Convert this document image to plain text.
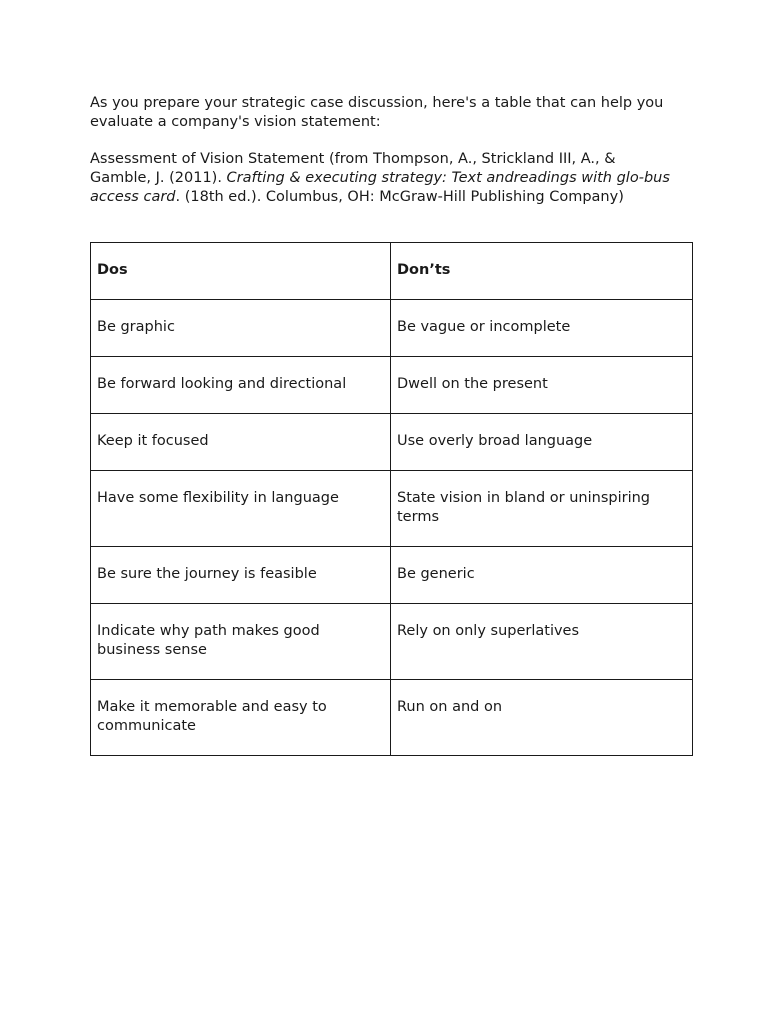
As you prepare your strategic case discussion, here's a table that can help you evaluate a company's vision statement:

Assessment of Vision Statement (from Thompson, A., Strickland III, A., & Gamble, J. (2011). Crafting & executing strategy: Text andreadings with glo-bus access card. (18th ed.). Columbus, OH: McGraw-Hill Publishing Company)

Dos	Don’ts
Be graphic	Be vague or incomplete
Be forward looking and directional	Dwell on the present
Keep it focused	Use overly broad language
Have some flexibility in language	State vision in bland or uninspiring terms
Be sure the journey is feasible	Be generic
Indicate why path makes good business sense	Rely on only superlatives
Make it memorable and easy to communicate	Run on and on
